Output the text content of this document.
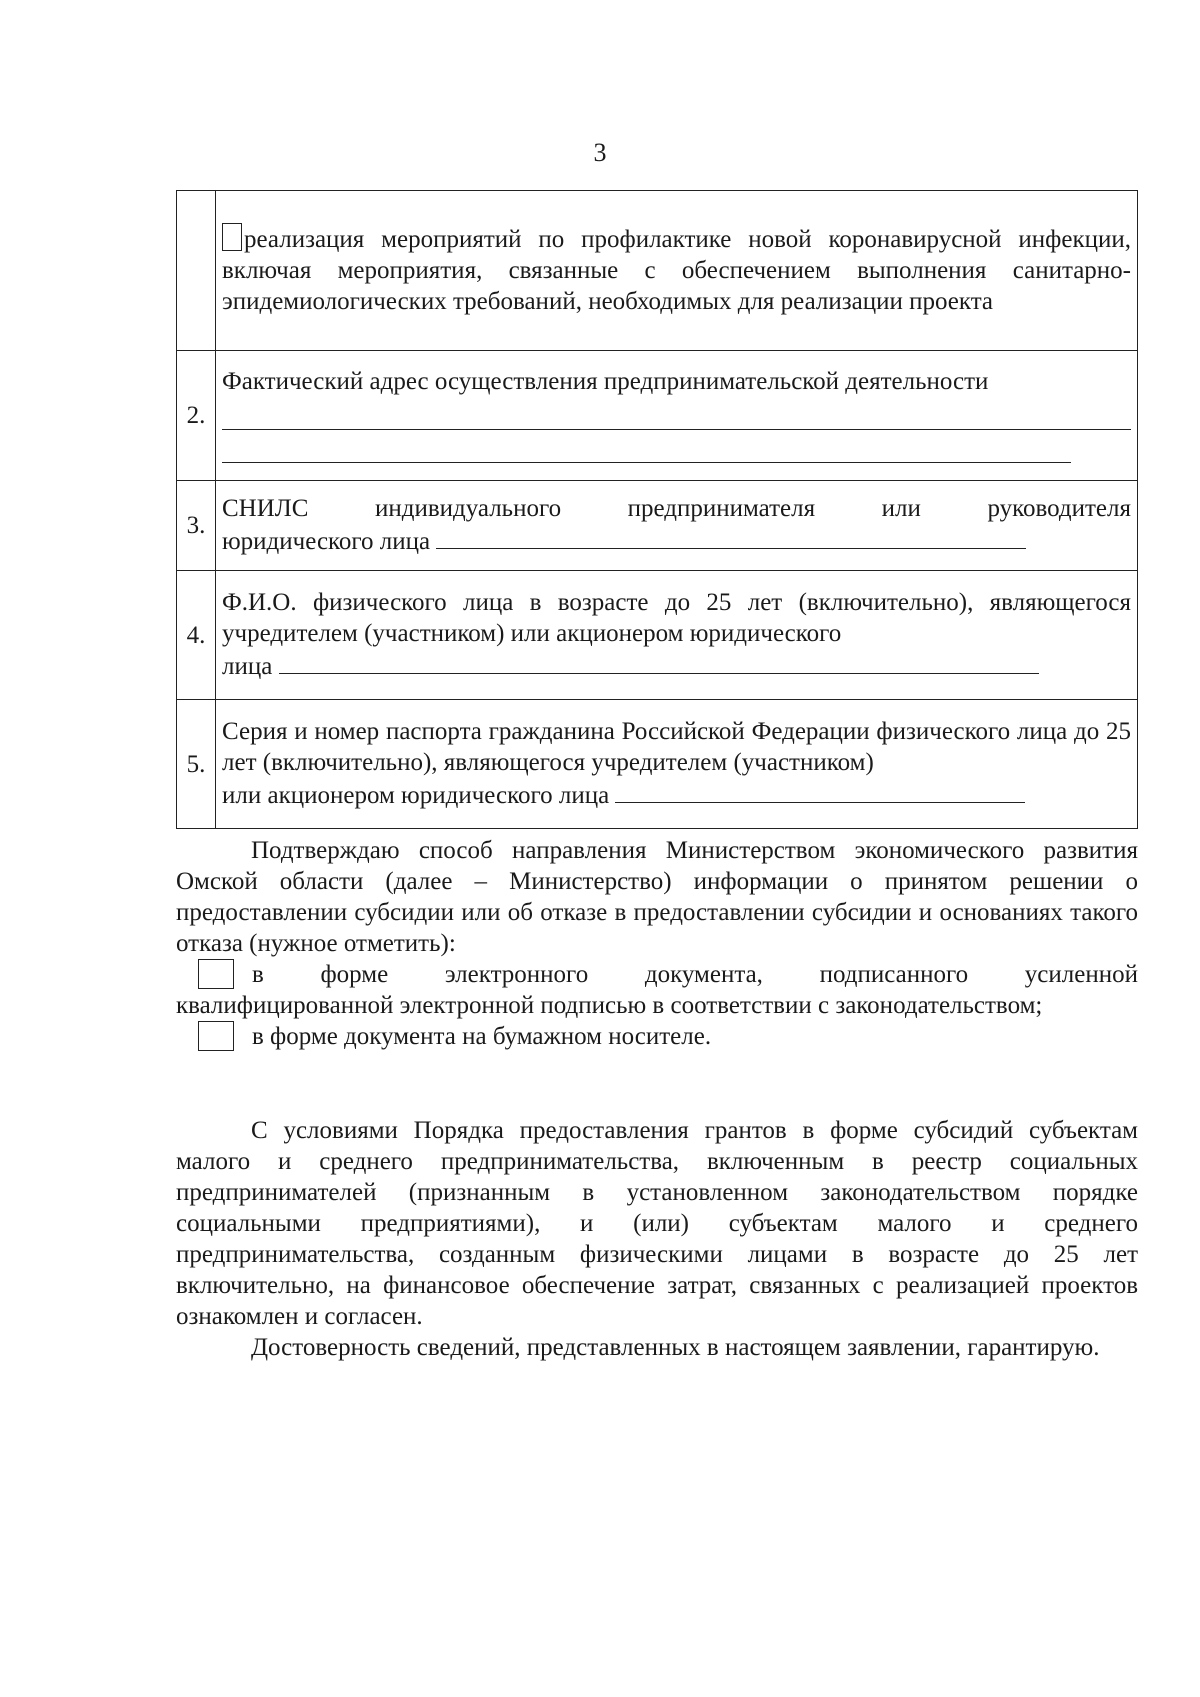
3
	реализация мероприятий по профилактике новой коронавирусной инфекции, включая мероприятия, связанные с обеспечением выполнения санитарно-эпидемиологических требований, необходимых для реализации проекта
2.	Фактический адрес осуществления предпринимательской деятельности

3.	СНИЛС индивидуального предпринимателя или руководителя
юридического лица

4.	Ф.И.О. физического лица в возрасте до 25 лет (включительно), являющегося учредителем (участником) или акционером юридического
лица

5.	Серия и номер паспорта гражданина Российской Федерации физического лица до 25 лет (включительно), являющегося учредителем (участником)
или акционером юридического лица
Подтверждаю способ направления Министерством экономического развития Омской области (далее – Министерство) информации о принятом решении о предоставлении субсидии или об отказе в предоставлении субсидии и основаниях такого отказа (нужное отметить):
в форме электронного документа, подписанного усиленной
квалифицированной электронной подписью в соответствии с законодательством;
в форме документа на бумажном носителе.
С условиями Порядка предоставления грантов в форме субсидий субъектам малого и среднего предпринимательства, включенным в реестр социальных предпринимателей (признанным в установленном законодательством порядке социальными предприятиями), и (или) субъектам малого и среднего предпринимательства, созданным физическими лицами в возрасте до 25 лет включительно, на финансовое обеспечение затрат, связанных с реализацией проектов ознакомлен и согласен.
Достоверность сведений, представленных в настоящем заявлении, гарантирую.
